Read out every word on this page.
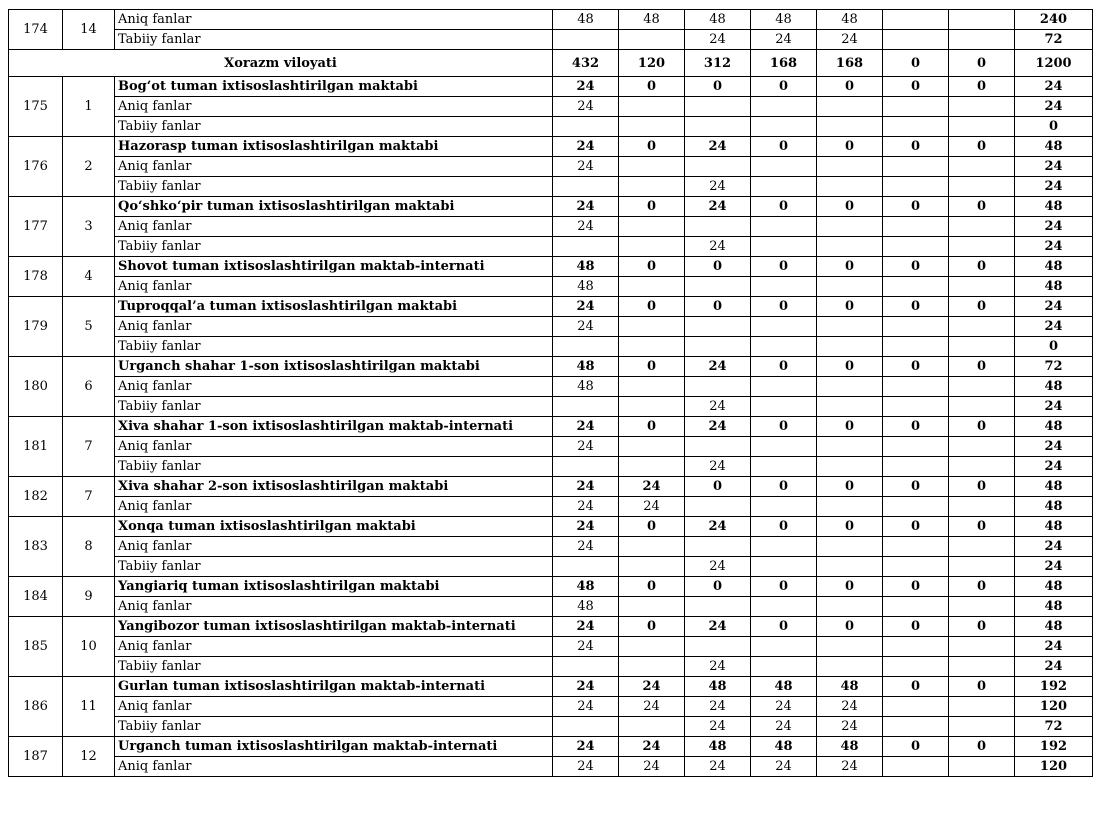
174	14	Aniq fanlar	48	48	48	48	48			240
		Tabiiy fanlar			24	24	24			72
Xorazm viloyati			432	120	312	168	168	0	0	1200
175	1	Bog‘ot tuman ixtisoslashtirilgan maktabi	24	0	0	0	0	0	0	24
		Aniq fanlar	24							24
		Tabiiy fanlar								0
176	2	Hazorasp tuman ixtisoslashtirilgan maktabi	24	0	24	0	0	0	0	48
		Aniq fanlar	24							24
		Tabiiy fanlar			24					24
177	3	Qo‘shko‘pir tuman ixtisoslashtirilgan maktabi	24	0	24	0	0	0	0	48
		Aniq fanlar	24							24
		Tabiiy fanlar			24					24
178	4	Shovot tuman ixtisoslashtirilgan maktab-internati	48	0	0	0	0	0	0	48
		Aniq fanlar	48							48
179	5	Tuproqqal’a tuman ixtisoslashtirilgan maktabi	24	0	0	0	0	0	0	24
		Aniq fanlar	24							24
		Tabiiy fanlar								0
180	6	Urganch shahar 1-son ixtisoslashtirilgan maktabi	48	0	24	0	0	0	0	72
		Aniq fanlar	48							48
		Tabiiy fanlar			24					24
181	7	Xiva shahar 1-son ixtisoslashtirilgan maktab-internati	24	0	24	0	0	0	0	48
		Aniq fanlar	24							24
		Tabiiy fanlar			24					24
182	7	Xiva shahar 2-son ixtisoslashtirilgan maktabi	24	24	0	0	0	0	0	48
		Aniq fanlar	24	24						48
183	8	Xonqa tuman ixtisoslashtirilgan maktabi	24	0	24	0	0	0	0	48
		Aniq fanlar	24							24
		Tabiiy fanlar			24					24
184	9	Yangiariq tuman ixtisoslashtirilgan maktabi	48	0	0	0	0	0	0	48
		Aniq fanlar	48							48
185	10	Yangibozor tuman ixtisoslashtirilgan maktab-internati	24	0	24	0	0	0	0	48
		Aniq fanlar	24							24
		Tabiiy fanlar			24					24
186	11	Gurlan tuman ixtisoslashtirilgan maktab-internati	24	24	48	48	48	0	0	192
		Aniq fanlar	24	24	24	24	24			120
		Tabiiy fanlar			24	24	24			72
187	12	Urganch tuman ixtisoslashtirilgan maktab-internati	24	24	48	48	48	0	0	192
		Aniq fanlar	24	24	24	24	24			120
